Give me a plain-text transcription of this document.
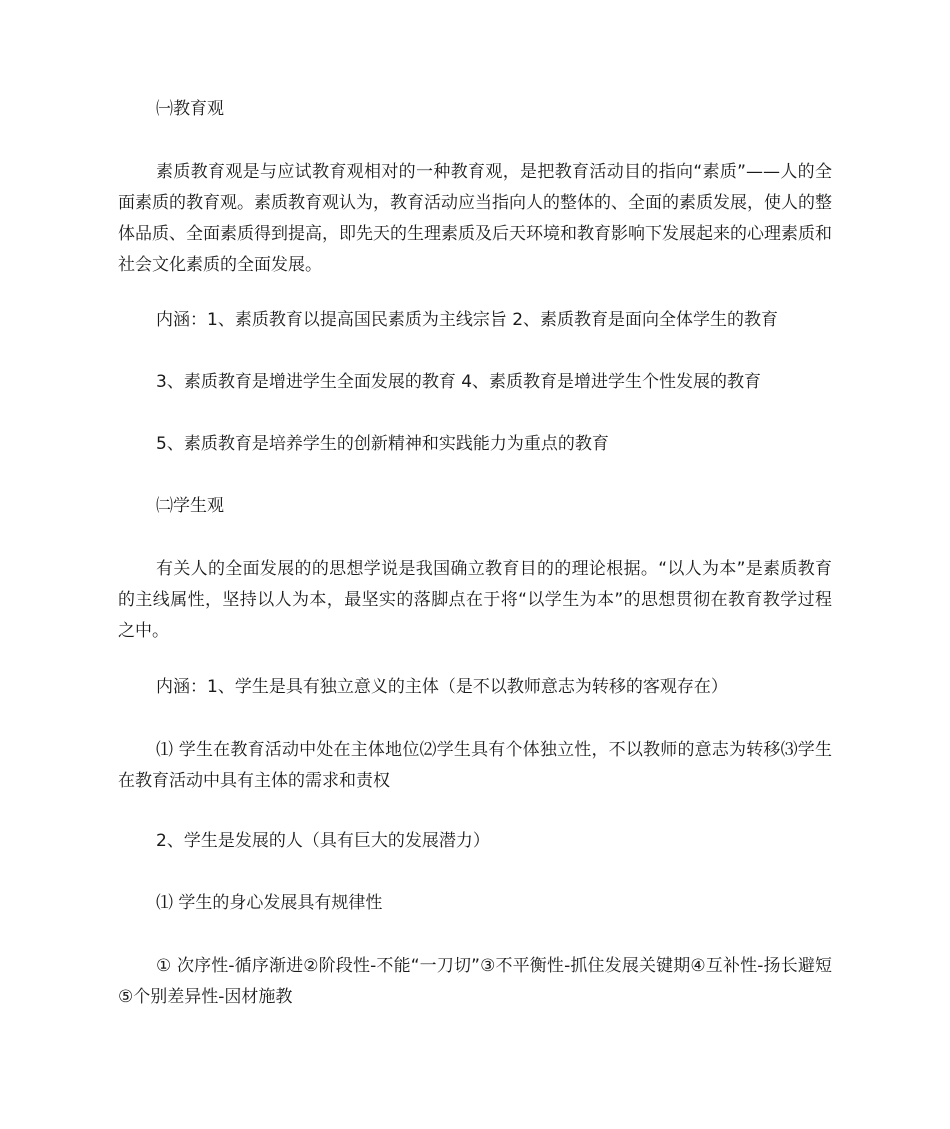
㈠教育观

素质教育观是与应试教育观相对的一种教育观，是把教育活动目的指向“素质”——人的全面素质的教育观。素质教育观认为，教育活动应当指向人的整体的、全面的素质发展，使人的整体品质、全面素质得到提高，即先天的生理素质及后天环境和教育影响下发展起来的心理素质和社会文化素质的全面发展。

内涵：1、素质教育以提高国民素质为主线宗旨 2、素质教育是面向全体学生的教育

3、素质教育是增进学生全面发展的教育 4、素质教育是增进学生个性发展的教育

5、素质教育是培养学生的创新精神和实践能力为重点的教育

㈡学生观

有关人的全面发展的的思想学说是我国确立教育目的的理论根据。“以人为本”是素质教育的主线属性，坚持以人为本，最坚实的落脚点在于将“以学生为本”的思想贯彻在教育教学过程之中。

内涵：1、学生是具有独立意义的主体（是不以教师意志为转移的客观存在）

⑴ 学生在教育活动中处在主体地位⑵学生具有个体独立性，不以教师的意志为转移⑶学生在教育活动中具有主体的需求和责权

2、学生是发展的人（具有巨大的发展潜力）

⑴ 学生的身心发展具有规律性

① 次序性-循序渐进②阶段性-不能“一刀切”③不平衡性-抓住发展关键期④互补性-扬长避短⑤个别差异性-因材施教
